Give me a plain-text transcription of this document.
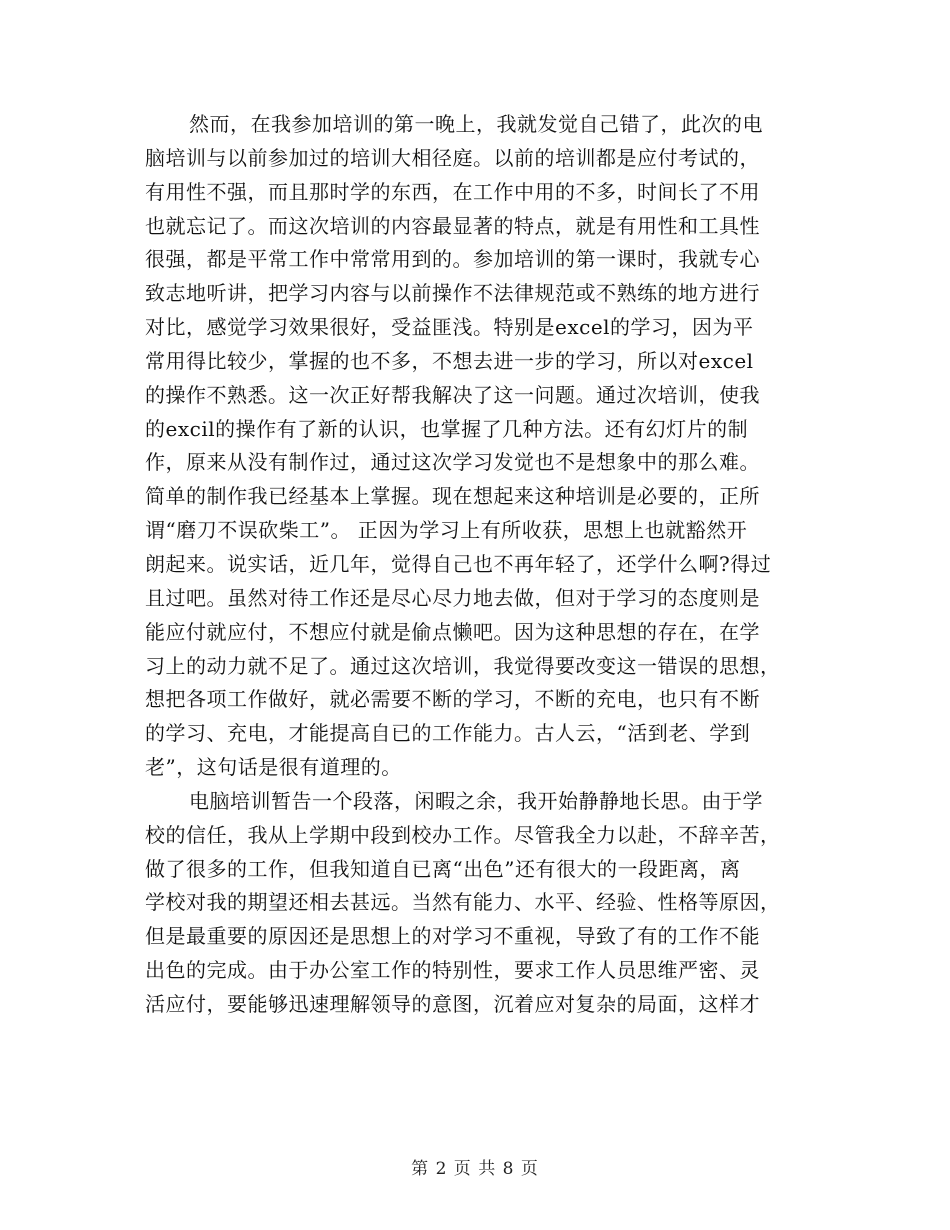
然而，在我参加培训的第一晚上，我就发觉自己错了，此次的电
脑培训与以前参加过的培训大相径庭。以前的培训都是应付考试的，
有用性不强，而且那时学的东西，在工作中用的不多，时间长了不用
也就忘记了。而这次培训的内容最显著的特点，就是有用性和工具性
很强，都是平常工作中常常用到的。参加培训的第一课时，我就专心
致志地听讲，把学习内容与以前操作不法律规范或不熟练的地方进行
对比，感觉学习效果很好，受益匪浅。特别是excel的学习，因为平
常用得比较少，掌握的也不多，不想去进一步的学习，所以对excel
的操作不熟悉。这一次正好帮我解决了这一问题。通过次培训，使我
的excil的操作有了新的认识，也掌握了几种方法。还有幻灯片的制
作，原来从没有制作过，通过这次学习发觉也不是想象中的那么难。
简单的制作我已经基本上掌握。现在想起来这种培训是必要的，正所
谓“磨刀不误砍柴工”。 正因为学习上有所收获，思想上也就豁然开
朗起来。说实话，近几年，觉得自己也不再年轻了，还学什么啊?得过
且过吧。虽然对待工作还是尽心尽力地去做，但对于学习的态度则是
能应付就应付，不想应付就是偷点懒吧。因为这种思想的存在，在学
习上的动力就不足了。通过这次培训，我觉得要改变这一错误的思想，
想把各项工作做好，就必需要不断的学习，不断的充电，也只有不断
的学习、充电，才能提高自已的工作能力。古人云，“活到老、学到
老”，这句话是很有道理的。
电脑培训暂告一个段落，闲暇之余，我开始静静地长思。由于学
校的信任，我从上学期中段到校办工作。尽管我全力以赴，不辞辛苦，
做了很多的工作，但我知道自已离“出色”还有很大的一段距离，离
学校对我的期望还相去甚远。当然有能力、水平、经验、性格等原因，
但是最重要的原因还是思想上的对学习不重视，导致了有的工作不能
出色的完成。由于办公室工作的特别性，要求工作人员思维严密、灵
活应付，要能够迅速理解领导的意图，沉着应对复杂的局面，这样才
第 2 页 共 8 页
